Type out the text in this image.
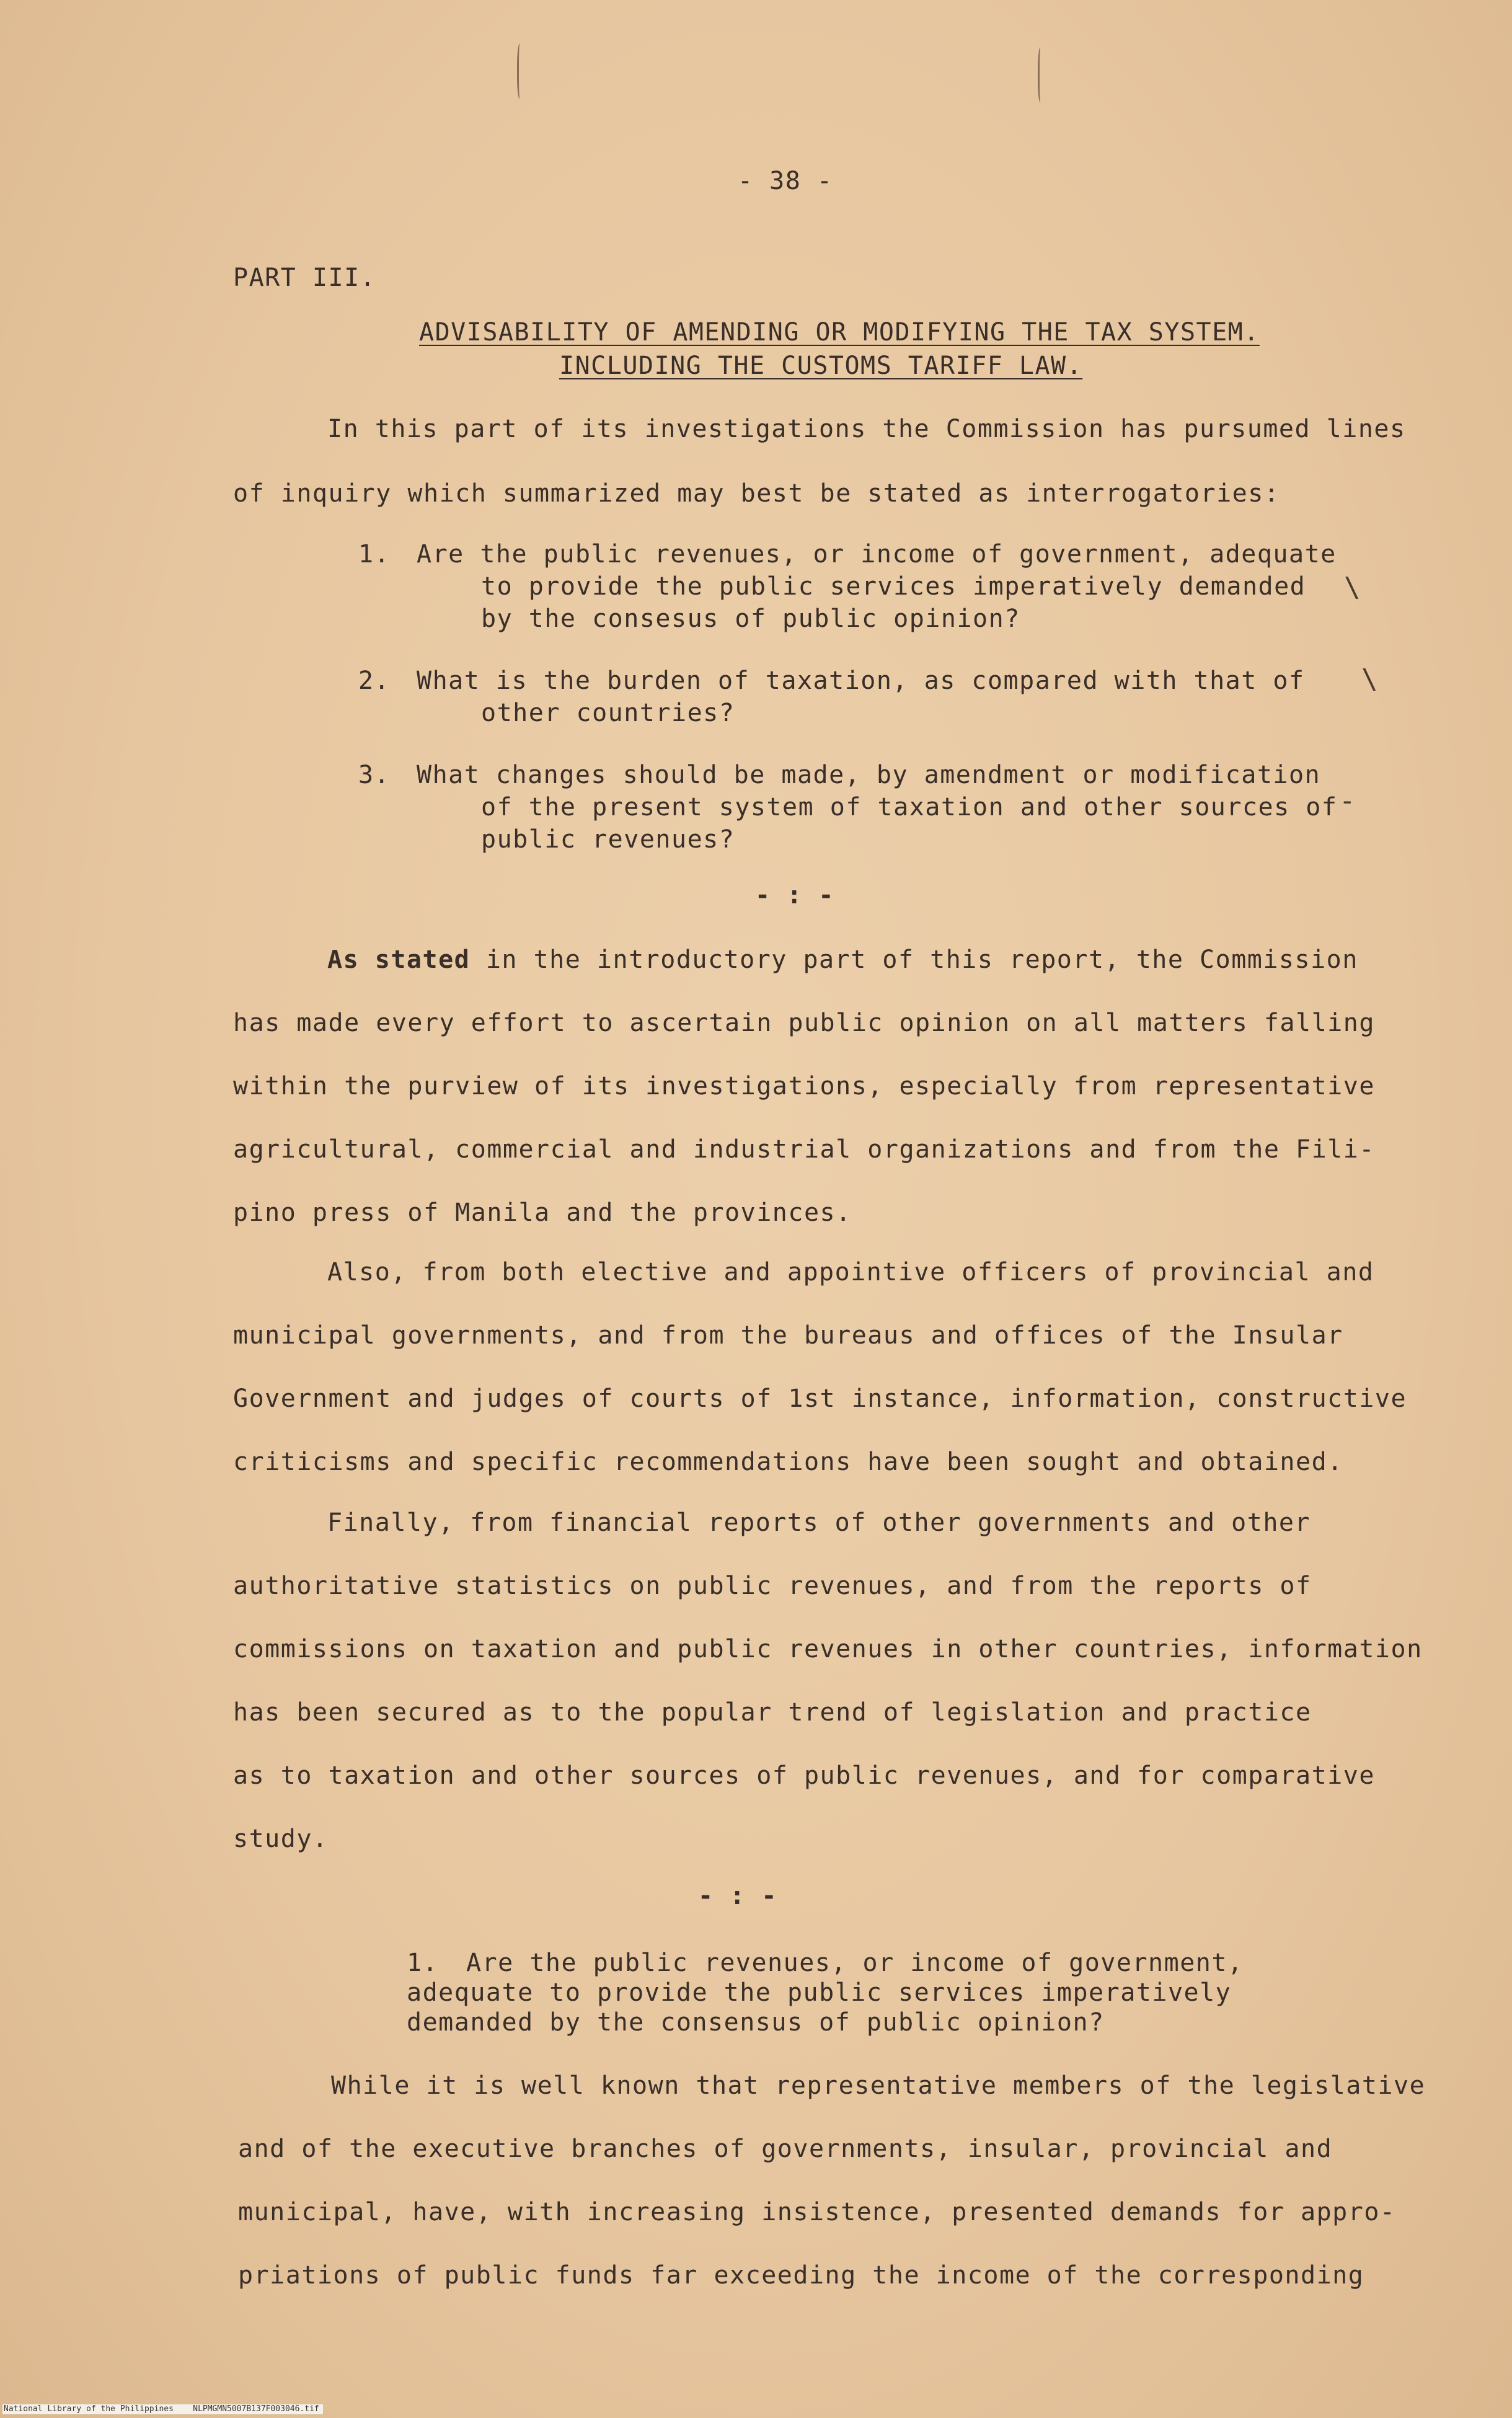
- 38 -
PART III.
ADVISABILITY OF AMENDING OR MODIFYING THE TAX SYSTEM.
INCLUDING THE CUSTOMS TARIFF LAW.
In this part of its investigations the Commission has pursumed lines
of inquiry which summarized may best be stated as interrogatories:
1. Are the public revenues, or income of government, adequate
to provide the public services imperatively demanded
by the consesus of public opinion?
2. What is the burden of taxation, as compared with that of
other countries?
3. What changes should be made, by amendment or modification
of the present system of taxation and other sources of
public revenues?
- : -
As stated in the introductory part of this report, the Commission
has made every effort to ascertain public opinion on all matters falling
within the purview of its investigations, especially from representative
agricultural, commercial and industrial organizations and from the Fili-
pino press of Manila and the provinces.
Also, from both elective and appointive officers of provincial and
municipal governments, and from the bureaus and offices of the Insular
Government and judges of courts of 1st instance, information, constructive
criticisms and specific recommendations have been sought and obtained.
Finally, from financial reports of other governments and other
authoritative statistics on public revenues, and from the reports of
commissions on taxation and public revenues in other countries, information
has been secured as to the popular trend of legislation and practice
as to taxation and other sources of public revenues, and for comparative
study.
- : -
1. Are the public revenues, or income of government,
adequate to provide the public services imperatively
demanded by the consensus of public opinion?
While it is well known that representative members of the legislative
and of the executive branches of governments, insular, provincial and
municipal, have, with increasing insistence, presented demands for appro-
priations of public funds far exceeding the income of the corresponding
\
\
-
National Library of the Philippines    NLPMGMN5007B137F003046.tif
